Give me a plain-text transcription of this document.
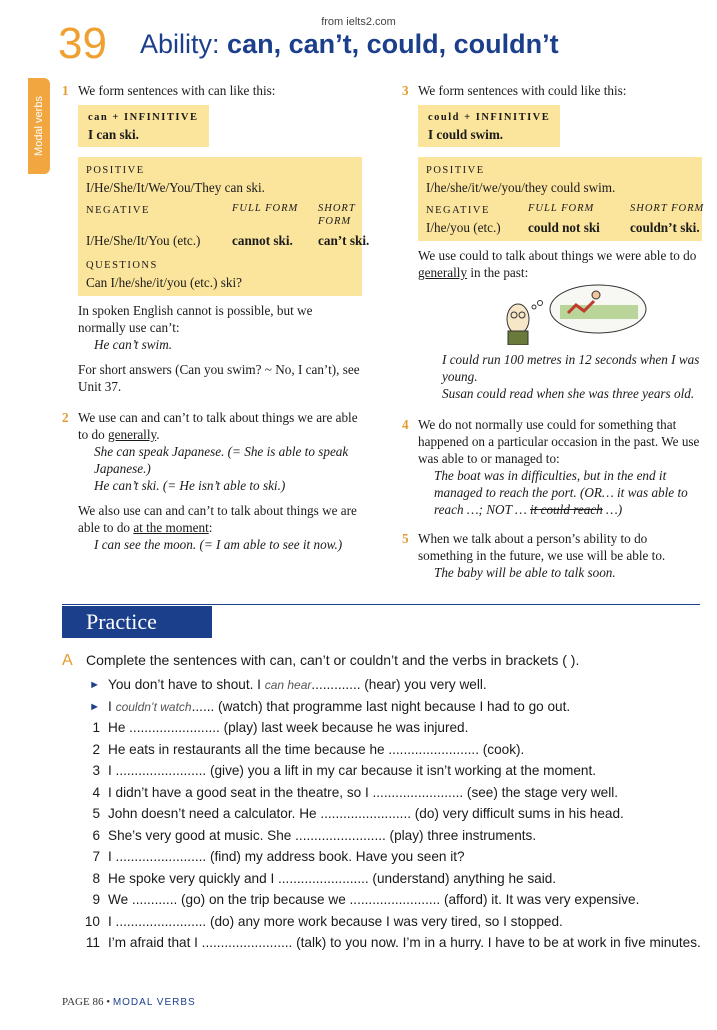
from ielts2.com
39 Ability: can, can’t, could, couldn’t
Modal verbs
1 We form sentences with can like this:
can + INFINITIVE
I can ski.
POSITIVE
I/He/She/It/We/You/They can ski.
NEGATIVE	FULL FORM	SHORT FORM
I/He/She/It/You (etc.)	cannot ski.	can’t ski.
QUESTIONS
Can I/he/she/it/you (etc.) ski?
In spoken English cannot is possible, but we normally use can’t:
He can’t swim.
For short answers (Can you swim? ~ No, I can’t), see Unit 37.
2 We use can and can’t to talk about things we are able to do generally.
She can speak Japanese. (= She is able to speak Japanese.)
He can’t ski. (= He isn’t able to ski.)
We also use can and can’t to talk about things we are able to do at the moment:
I can see the moon. (= I am able to see it now.)
3 We form sentences with could like this:
could + INFINITIVE
I could swim.
POSITIVE
I/he/she/it/we/you/they could swim.
NEGATIVE	FULL FORM	SHORT FORM
I/he/you (etc.)	could not ski	couldn’t ski.
We use could to talk about things we were able to do generally in the past:
I could run 100 metres in 12 seconds when I was young.
Susan could read when she was three years old.
4 We do not normally use could for something that happened on a particular occasion in the past. We use was able to or managed to:
The boat was in difficulties, but in the end it managed to reach the port. (OR… it was able to reach …; NOT … it could reach …)
5 When we talk about a person’s ability to do something in the future, we use will be able to.
The baby will be able to talk soon.
Practice
A Complete the sentences with can, can’t or couldn’t and the verbs in brackets ( ).
► You don’t have to shout. I can hear............. (hear) you very well.
► I couldn’t watch...... (watch) that programme last night because I had to go out.
1 He ........................ (play) last week because he was injured.
2 He eats in restaurants all the time because he ........................ (cook).
3 I ........................ (give) you a lift in my car because it isn’t working at the moment.
4 I didn’t have a good seat in the theatre, so I ........................ (see) the stage very well.
5 John doesn’t need a calculator. He ........................ (do) very difficult sums in his head.
6 She’s very good at music. She ........................ (play) three instruments.
7 I ........................ (find) my address book. Have you seen it?
8 He spoke very quickly and I ........................ (understand) anything he said.
9 We ............ (go) on the trip because we ........................ (afford) it. It was very expensive.
10 I ........................ (do) any more work because I was very tired, so I stopped.
11 I’m afraid that I ........................ (talk) to you now. I’m in a hurry. I have to be at work in five minutes.
PAGE 86 • MODAL VERBS
